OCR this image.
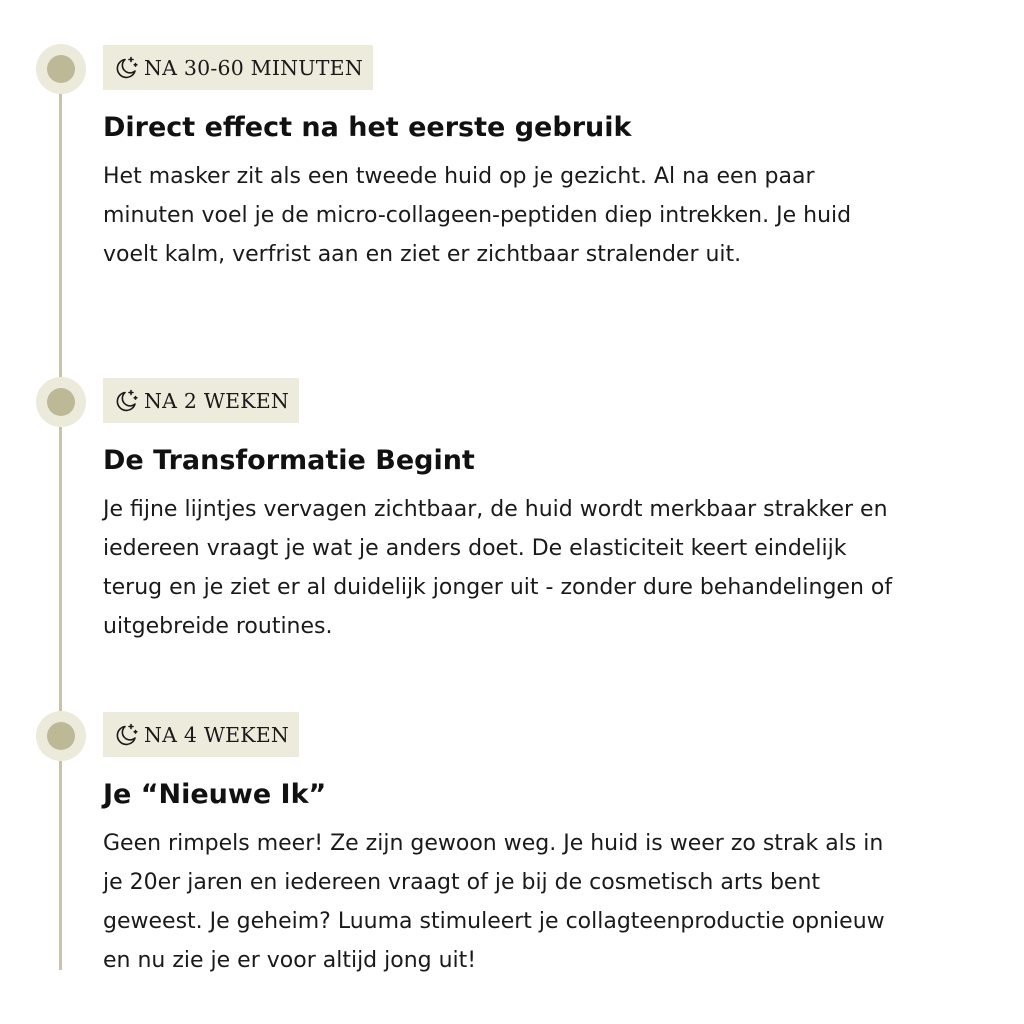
NA 30-60 MINUTEN
Direct effect na het eerste gebruik

Het masker zit als een tweede huid op je gezicht. Al na een paar minuten voel je de micro-collageen-peptiden diep intrekken. Je huid voelt kalm, verfrist aan en ziet er zichtbaar stralender uit.

NA 2 WEKEN
De Transformatie Begint

Je fijne lijntjes vervagen zichtbaar, de huid wordt merkbaar strakker en iedereen vraagt je wat je anders doet. De elasticiteit keert eindelijk terug en je ziet er al duidelijk jonger uit - zonder dure behandelingen of uitgebreide routines.

NA 4 WEKEN
Je “Nieuwe Ik”

Geen rimpels meer! Ze zijn gewoon weg. Je huid is weer zo strak als in je 20er jaren en iedereen vraagt of je bij de cosmetisch arts bent geweest. Je geheim? Luuma stimuleert je collagteenproductie opnieuw en nu zie je er voor altijd jong uit!
